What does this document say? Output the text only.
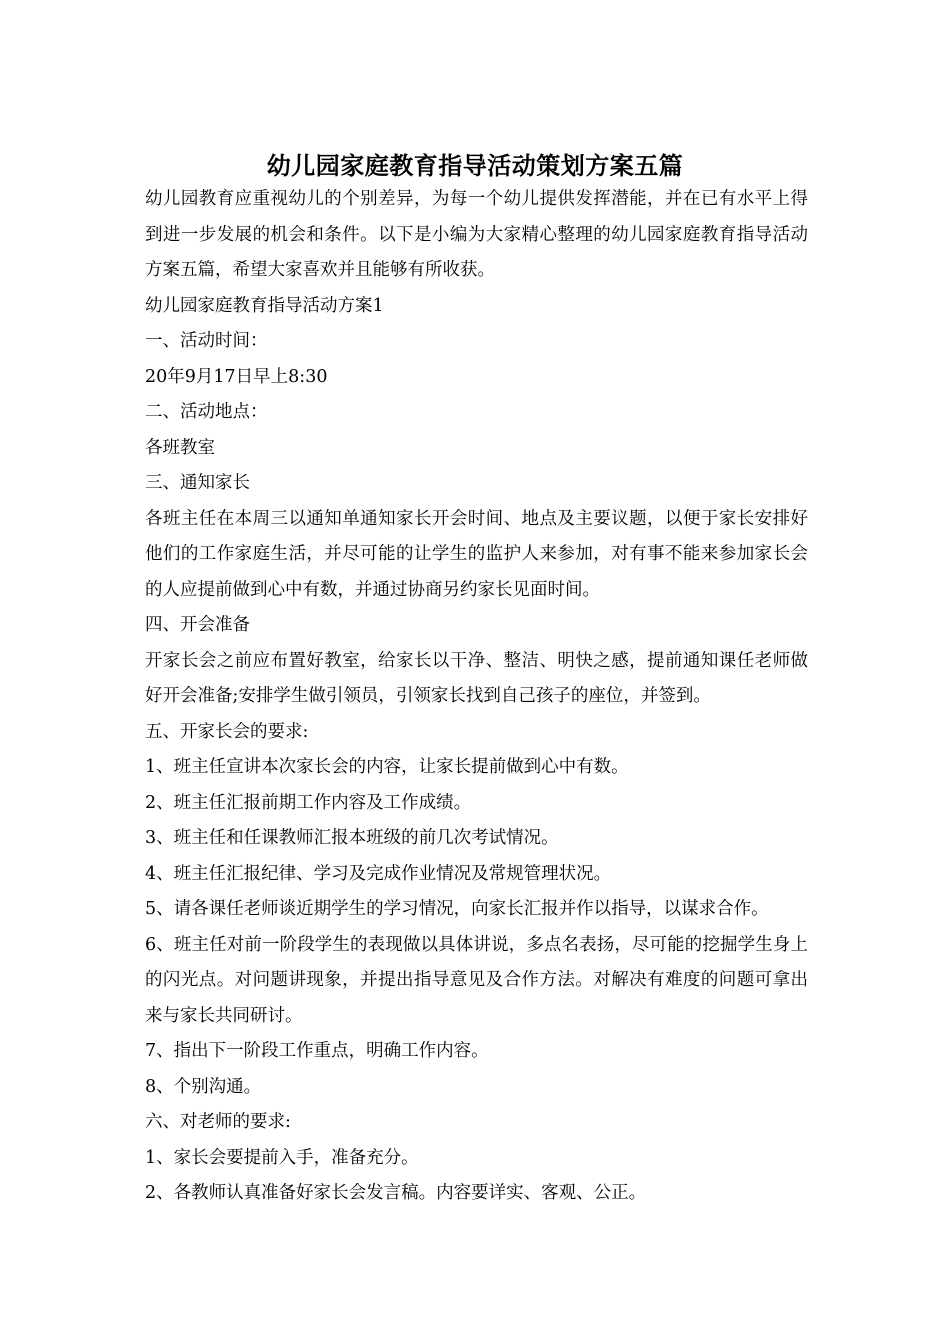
幼儿园家庭教育指导活动策划方案五篇

幼儿园教育应重视幼儿的个别差异，为每一个幼儿提供发挥潜能，并在已有水平上得到进一步发展的机会和条件。以下是小编为大家精心整理的幼儿园家庭教育指导活动方案五篇，希望大家喜欢并且能够有所收获。

幼儿园家庭教育指导活动方案1

一、活动时间：

20年9月17日早上8:30

二、活动地点：

各班教室

三、通知家长

各班主任在本周三以通知单通知家长开会时间、地点及主要议题，以便于家长安排好他们的工作家庭生活，并尽可能的让学生的监护人来参加，对有事不能来参加家长会的人应提前做到心中有数，并通过协商另约家长见面时间。

四、开会准备

开家长会之前应布置好教室，给家长以干净、整洁、明快之感，提前通知课任老师做好开会准备;安排学生做引领员，引领家长找到自己孩子的座位，并签到。

五、开家长会的要求:

1、班主任宣讲本次家长会的内容，让家长提前做到心中有数。

2、班主任汇报前期工作内容及工作成绩。

3、班主任和任课教师汇报本班级的前几次考试情况。

4、班主任汇报纪律、学习及完成作业情况及常规管理状况。

5、请各课任老师谈近期学生的学习情况，向家长汇报并作以指导，以谋求合作。

6、班主任对前一阶段学生的表现做以具体讲说，多点名表扬，尽可能的挖掘学生身上的闪光点。对问题讲现象，并提出指导意见及合作方法。对解决有难度的问题可拿出来与家长共同研讨。

7、指出下一阶段工作重点，明确工作内容。

8、个别沟通。

六、对老师的要求:

1、家长会要提前入手，准备充分。

2、各教师认真准备好家长会发言稿。内容要详实、客观、公正。
